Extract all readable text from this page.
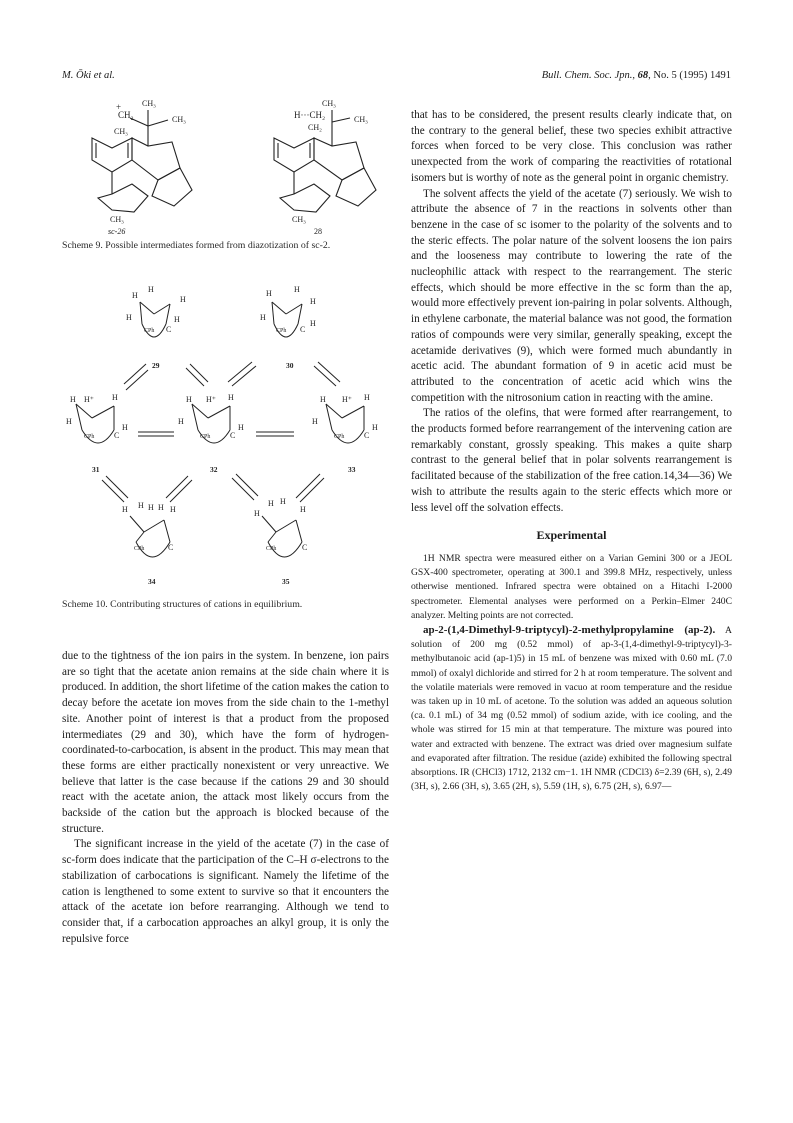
M. Ōki et al.	Bull. Chem. Soc. Jpn., 68, No. 5 (1995) 1491
CH₂
+	CH₃
CH₃
CH₃
CH₃
sc-26
H···CH₂
CH₃
CH₃
CH₂
CH₃
28

Scheme 9. Possible intermediates formed from diazotization of sc-2.

H
H
H
H	H
CPh C
H	H
H
H
H
CPh C
H H⁺ H
H
H
CPh C
H H⁺ H
H
H
CPh C
H H⁺ H
H
H
CPh C
H H H H H
CPh	C
H
H H
H
CPh	C
29	30
31	32	33
34	35

Scheme 10. Contributing structures of cations in equilibrium.

due to the tightness of the ion pairs in the system. In benzene, ion pairs are so tight that the acetate anion remains at the side chain where it is produced. In addition, the short lifetime of the cation makes the cation to decay before the acetate ion moves from the side chain to the 1-methyl site. Another point of interest is that a product from the proposed intermediates (29 and 30), which have the form of hydrogen-coordinated-to-carbocation, is absent in the product. This may mean that these forms are either practically nonexistent or very unreactive. We believe that latter is the case because if the cations 29 and 30 should react with the acetate anion, the attack most likely occurs from the backside of the cation but the approach is blocked because of the structure.

The significant increase in the yield of the acetate (7) in the case of sc-form does indicate that the participation of the C–H σ-electrons to the stabilization of carbocations is significant. Namely the lifetime of the cation is lengthened to some extent to survive so that it encounters the attack of the acetate ion before rearranging. Although we tend to consider that, if a carbocation approaches an alkyl group, it is only the repulsive force

that has to be considered, the present results clearly indicate that, on the contrary to the general belief, these two species exhibit attractive forces when forced to be very close. This conclusion was rather unexpected from the work of comparing the reactivities of rotational isomers but is worthy of note as the general point in organic chemistry.

The solvent affects the yield of the acetate (7) seriously. We wish to attribute the absence of 7 in the reactions in solvents other than benzene in the case of sc isomer to the polarity of the solvents and to the steric effects. The polar nature of the solvent loosens the ion pairs and the looseness may contribute to lowering the rate of the nucleophilic attack with respect to the rearrangement. The steric effects, which should be more effective in the sc form than the ap, would more effectively prevent ion-pairing in polar solvents. Although, in ethylene carbonate, the material balance was not good, the formation ratios of compounds were very similar, generally speaking, except the acetamide derivatives (9), which were formed much abundantly in acetic acid. The abundant formation of 9 in acetic acid must be attributed to the concentration of acetic acid which wins the competition with the nitrosonium cation in reacting with the amine.

The ratios of the olefins, that were formed after rearrangement, to the products formed before rearrangement of the intervening cation are remarkably constant, grossly speaking. This makes a quite sharp contrast to the general belief that in polar solvents rearrangement is facilitated because of the stabilization of the free cation.14,34—36) We wish to attribute the results again to the steric effects which more or less level off the solvation effects.

Experimental

1H NMR spectra were measured either on a Varian Gemini 300 or a JEOL GSX-400 spectrometer, operating at 300.1 and 399.8 MHz, respectively, unless otherwise mentioned. Infrared spectra were obtained on a Hitachi I-2000 spectrometer. Elemental analyses were performed on a Perkin–Elmer 240C analyzer. Melting points are not corrected.

ap-2-(1,4-Dimethyl-9-triptycyl)-2-methylpropylamine (ap-2). A solution of 200 mg (0.52 mmol) of ap-3-(1,4-dimethyl-9-triptycyl)-3-methylbutanoic acid (ap-1)5) in 15 mL of benzene was mixed with 0.60 mL (7.0 mmol) of oxalyl dichloride and stirred for 2 h at room temperature. The solvent and the volatile materials were removed in vacuo at room temperature and the residue was taken up in 10 mL of acetone. To the solution was added an aqueous solution (ca. 0.1 mL) of 34 mg (0.52 mmol) of sodium azide, with ice cooling, and the whole was stirred for 15 min at that temperature. The mixture was poured into water and extracted with benzene. The extract was dried over magnesium sulfate and evaporated after filtration. The residue (azide) exhibited the following spectral absorptions. IR (CHCl3) 1712, 2132 cm−1. 1H NMR (CDCl3) δ=2.39 (6H, s), 2.49 (3H, s), 2.66 (3H, s), 3.65 (2H, s), 5.59 (1H, s), 6.75 (2H, s), 6.97—
